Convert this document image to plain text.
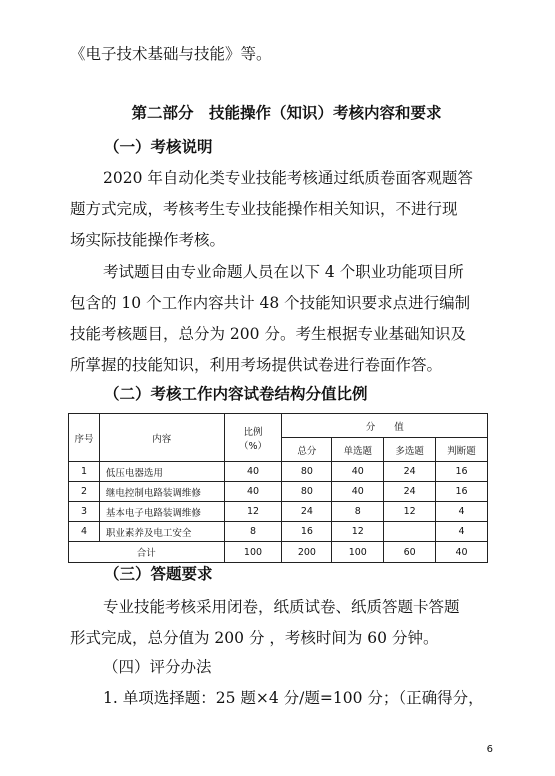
《电子技术基础与技能》等。
第二部分　技能操作（知识）考核内容和要求
（一）考核说明
2020 年自动化类专业技能考核通过纸质卷面客观题答
题方式完成，考核考生专业技能操作相关知识，不进行现
场实际技能操作考核。
考试题目由专业命题人员在以下 4 个职业功能项目所
包含的 10 个工作内容共计 48 个技能知识要求点进行编制
技能考核题目，总分为 200 分。考生根据专业基础知识及
所掌握的技能知识，利用考场提供试卷进行卷面作答。
（二）考核工作内容试卷结构分值比例
序号	内容	比例
（%）	分　　值			
			总分	单选题	多选题	判断题
1	低压电器选用	40	80	40	24	16
2	继电控制电路装调维修	40	80	40	24	16
3	基本电子电路装调维修	12	24	8	12	4
4	职业素养及电工安全	8	16	12		4
合计		100	200	100	60	40
（三）答题要求
专业技能考核采用闭卷，纸质试卷、纸质答题卡答题
形式完成，总分值为 200 分 ，考核时间为 60 分钟。
（四）评分办法
1. 单项选择题：25 题×4 分/题=100 分；（正确得分，
6
